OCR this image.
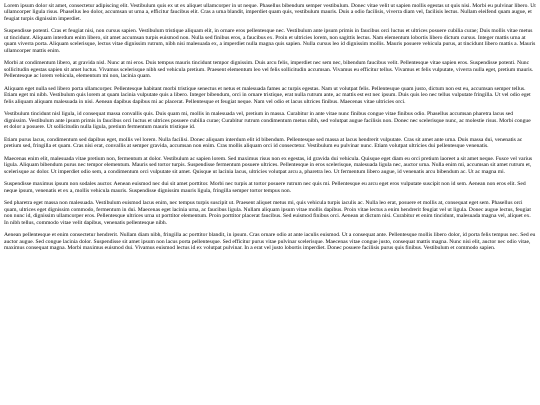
Lorem ipsum dolor sit amet, consectetur adipiscing elit. Vestibulum quis ex ut ex aliquet ullamcorper in ut neque. Phasellus bibendum semper vestibulum. Donec vitae velit ut sapien mollis egestas ut quis nisi. Morbi eu pulvinar libero. Ut ullamcorper ligula risus. Phasellus leo dolor, accumsan ut urna a, efficitur faucibus elit. Cras a urna blandit, imperdiet quam quis, vestibulum mauris. Duis a odio facilisis, viverra diam vel, facilisis lectus. Nullam eleifend quam augue, et feugiat turpis dignissim imperdiet.

Suspendisse potenti. Cras et feugiat nisi, non cursus sapien. Vestibulum tristique aliquam elit, in ornare eros pellentesque nec. Vestibulum ante ipsum primis in faucibus orci luctus et ultrices posuere cubilia curae; Duis mollis vitae metus ut tincidunt. Aliquam interdum enim libero, sit amet accumsan turpis euismod non. Nulla sed finibus eros, a faucibus ex. Proin et ultricies lorem, non sagittis lectus. Nam elementum lobortis libero dictum cursus. Integer mattis urna at quam viverra porta. Aliquam scelerisque, lectus vitae dignissim rutrum, nibh nisi malesuada ex, a imperdiet nulla magna quis sapien. Nulla cursus leo id dignissim mollis. Mauris posuere vehicula purus, at tincidunt libero mattis a. Mauris ullamcorper mattis enim.

Morbi at condimentum libero, at gravida nisl. Nunc at mi eros. Duis tempus mauris tincidunt tempor dignissim. Duis arcu felis, imperdiet nec sem nec, bibendum faucibus velit. Pellentesque vitae sapien eros. Suspendisse potenti. Nunc sollicitudin egestas sapien sit amet luctus. Vivamus scelerisque nibh sed vehicula pretium. Praesent elementum leo vel felis sollicitudin accumsan. Vivamus eu efficitur tellus. Vivamus et felis vulputate, viverra nulla eget, pretium mauris. Pellentesque ac lorem vehicula, elementum mi non, lacinia quam.

Aliquam eget nulla sed libero porta ullamcorper. Pellentesque habitant morbi tristique senectus et netus et malesuada fames ac turpis egestas. Nam ut volutpat felis. Pellentesque quam justo, dictum non est eu, accumsan semper tellus. Etiam eget mi nibh. Vestibulum quis lorem at quam lacinia vulputate quis a libero. Integer bibendum, orci in ornare tristique, erat nulla rutrum ante, ac mattis est est nec ipsum. Duis quis leo nec tellus vulputate fringilla. Ut vel odio eget felis aliquam aliquam malesuada in nisi. Aenean dapibus dapibus mi ac placerat. Pellentesque et feugiat neque. Nam vel odio et lacus ultrices finibus. Maecenas vitae ultricies orci.

Vestibulum tincidunt nisl ligula, id consequat massa convallis quis. Duis quam mi, mollis in malesuada vel, pretium in massa. Curabitur in ante vitae nunc finibus congue vitae finibus odio. Phasellus accumsan pharetra lacus sed dignissim. Vestibulum ante ipsum primis in faucibus orci luctus et ultrices posuere cubilia curae; Curabitur rutrum condimentum metus nibh, sed volutpat augue facilisis non. Donec nec scelerisque nunc, ac molestie risus. Morbi congue et dolor a posuere. Ut sollicitudin nulla ligula, pretium fermentum mauris tristique id.

Etiam purus lacus, condimentum sed dapibus eget, mollis vel lorem. Nulla facilisi. Donec aliquam interdum elit id bibendum. Pellentesque sed massa at lacus hendrerit vulputate. Cras sit amet ante urna. Duis massa dui, venenatis ac pretium sed, fringilla et quam. Cras nisi erat, convallis at semper gravida, accumsan non enim. Cras mollis aliquam orci id consectetur. Vestibulum eu pulvinar nunc. Etiam volutpat ultricies dui pellentesque venenatis.

Maecenas enim elit, malesuada vitae pretium non, fermentum at dolor. Vestibulum ac sapien lorem. Sed maximus risus non ex egestas, id gravida dui vehicula. Quisque eget diam eu orci pretium laoreet a sit amet neque. Fusce vel varius ligula. Aliquam bibendum purus nec tempor elementum. Mauris sed tortor turpis. Suspendisse fermentum posuere ultrices. Pellentesque in eros scelerisque, malesuada ligula nec, auctor urna. Nulla enim mi, accumsan sit amet rutrum et, scelerisque ac dolor. Ut imperdiet odio sem, a condimentum orci vulputate sit amet. Quisque ut lacinia lacus, ultricies volutpat arcu a, pharetra leo. Ut fermentum libero augue, id venenatis arcu bibendum ac. Ut ac magna mi.

Suspendisse maximus ipsum non sodales auctor. Aenean euismod nec dui sit amet porttitor. Morbi nec turpis at tortor posuere rutrum nec quis mi. Pellentesque eu arcu eget eros vulputate suscipit non id sem. Aenean non eros elit. Sed neque ipsum, venenatis et ex a, mollis vehicula mauris. Suspendisse dignissim mauris ligula, fringilla semper tortor tempus non.

Sed pharetra eget massa non malesuada. Vestibulum euismod lacus enim, nec tempus turpis suscipit ut. Praesent aliquet metus mi, quis vehicula turpis iaculis ac. Nulla leo erat, posuere et mollis at, consequat eget sem. Phasellus orci quam, ultrices eget dignissim commodo, fermentum in dui. Maecenas eget lacinia urna, ac faucibus ligula. Nullam aliquam ipsum vitae mollis dapibus. Proin vitae lectus a enim hendrerit feugiat vel ut ligula. Donec augue lectus, feugiat non nunc id, dignissim ullamcorper eros. Pellentesque ultrices urna ut porttitor elementum. Proin porttitor placerat faucibus. Sed euismod finibus orci. Aenean at dictum nisi. Curabitur et enim tincidunt, malesuada magna vel, aliquet ex. In nibh tellus, commodo vitae velit dapibus, venenatis pellentesque nibh.

Aenean pellentesque et enim consectetur hendrerit. Nullam diam nibh, fringilla ac porttitor blandit, in ipsum. Cras ornare odio at ante iaculis euismod. Ut a consequat ante. Pellentesque mollis libero dolor, id porta felis tempus nec. Sed eu auctor augue. Sed congue lacinia dolor. Suspendisse sit amet ipsum non lacus porta pellentesque. Sed efficitur purus vitae pulvinar scelerisque. Maecenas vitae congue justo, consequat mattis magna. Nunc nisi elit, auctor nec odio vitae, maximus consequat magna. Morbi maximus euismod dui. Vivamus euismod lectus id ex volutpat pulvinar. In a erat vel justo lobortis imperdiet. Donec posuere facilisis purus quis finibus. Vestibulum et commodo sapien.
